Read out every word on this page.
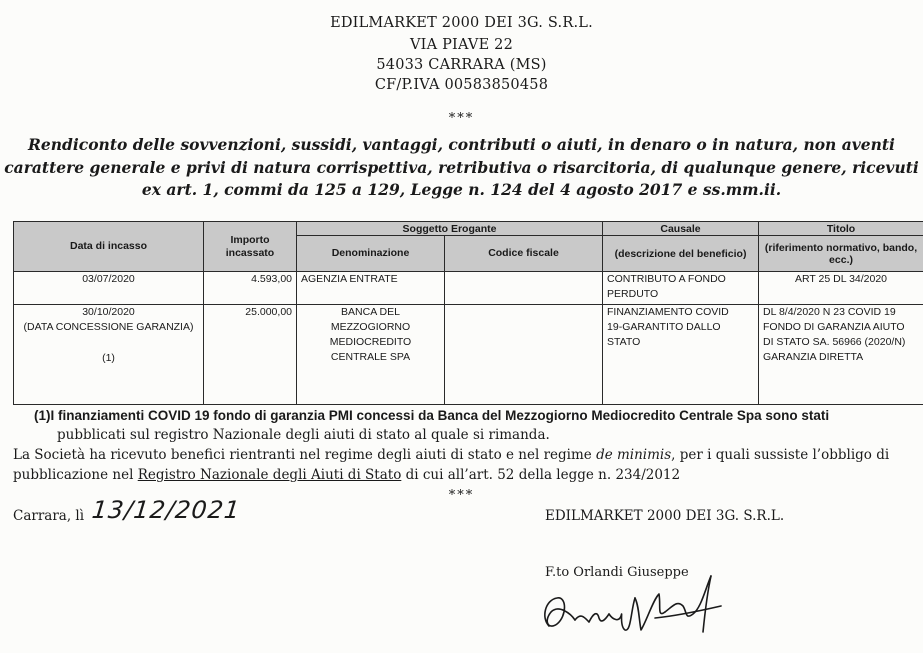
EDILMARKET 2000 DEI 3G. S.R.L.
VIA PIAVE 22
54033 CARRARA (MS)
CF/P.IVA 00583850458
***
Rendiconto delle sovvenzioni, sussidi, vantaggi, contributi o aiuti, in denaro o in natura, non aventi
carattere generale e privi di natura corrispettiva, retributiva o risarcitoria, di qualunque genere, ricevuti
ex art. 1, commi da 125 a 129, Legge n. 124 del 4 agosto 2017 e ss.mm.ii.
Data di incasso	Importo incassato	Soggetto Erogante		Causale	Titolo
		Denominazione	Codice fiscale	(descrizione del beneficio)	(riferimento normativo, bando, ecc.)
03/07/2020	4.593,00	AGENZIA ENTRATE		CONTRIBUTO A FONDO PERDUTO	ART 25 DL 34/2020

30/10/2020
(DATA CONCESSIONE GARANZIA)
(1)	25.000,00	BANCA DEL MEZZOGIORNO MEDIOCREDITO CENTRALE SPA		FINANZIAMENTO COVID 19-GARANTITO DALLO STATO	DL 8/4/2020 N 23 COVID 19 FONDO DI GARANZIA AIUTO DI STATO SA. 56966 (2020/N) GARANZIA DIRETTA
(1)I finanziamenti COVID 19 fondo di garanzia PMI concessi da Banca del Mezzogiorno Mediocredito Centrale Spa sono stati
pubblicati sul registro Nazionale degli aiuti di stato al quale si rimanda.
La Società ha ricevuto benefici rientranti nel regime degli aiuti di stato e nel regime de minimis, per i quali sussiste l’obbligo di
pubblicazione nel Registro Nazionale degli Aiuti di Stato di cui all’art. 52 della legge n. 234/2012
***
Carrara, lì 13/12/2021	EDILMARKET 2000 DEI 3G. S.R.L.
F.to Orlandi Giuseppe
